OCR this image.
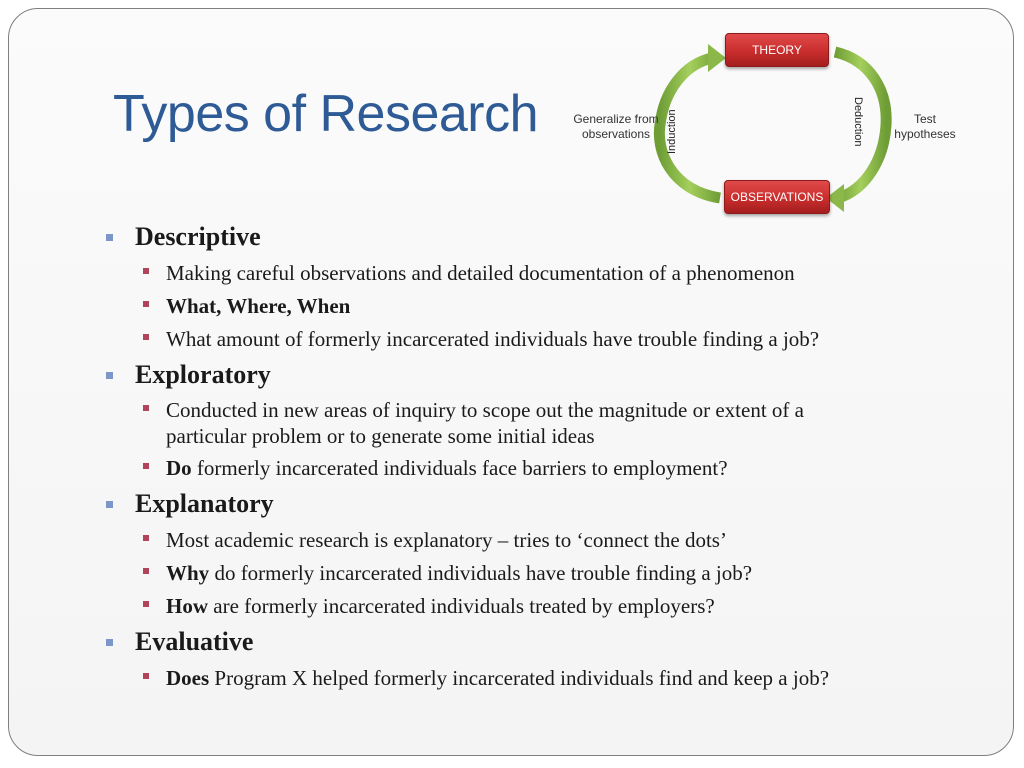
Types of Research
THEORY
OBSERVATIONS
Generalize from observations
Test hypotheses
Induction	Deduction
Descriptive
Making careful observations and detailed documentation of a phenomenon
What, Where, When
What amount of formerly incarcerated individuals have trouble finding a job?
Exploratory
Conducted in new areas of inquiry to scope out the magnitude or extent of a
particular problem or to generate some initial ideas
Do formerly incarcerated individuals face barriers to employment?
Explanatory
Most academic research is explanatory – tries to ‘connect the dots’
Why do formerly incarcerated individuals have trouble finding a job?
How are formerly incarcerated individuals treated by employers?
Evaluative
Does Program X helped formerly incarcerated individuals find and keep a job?
